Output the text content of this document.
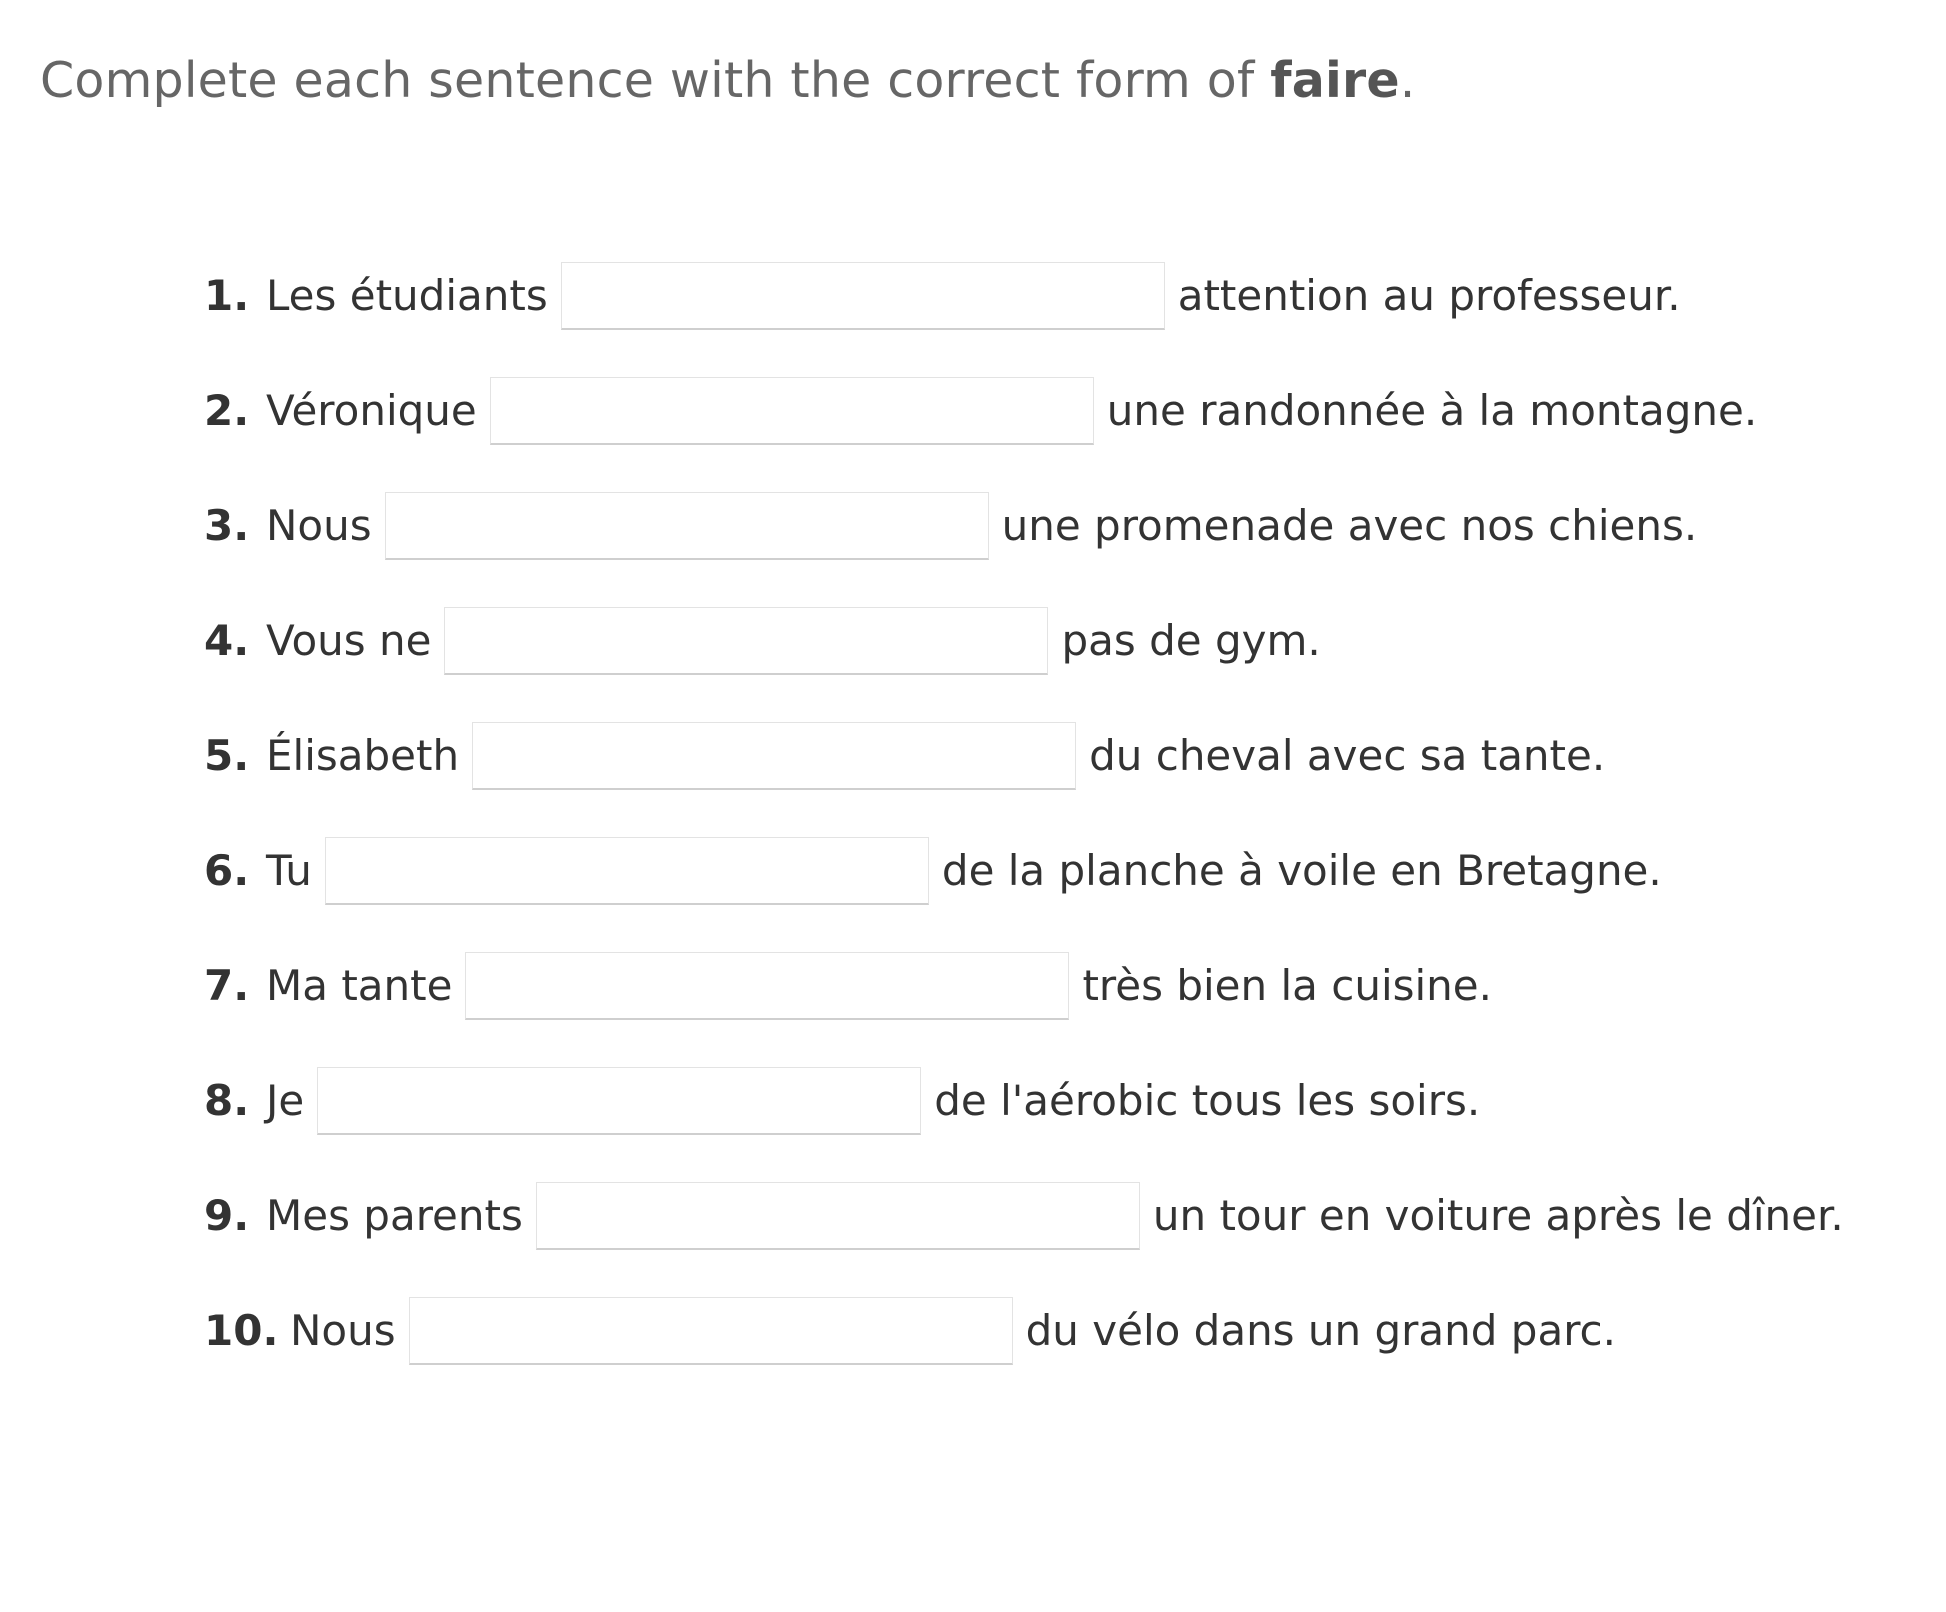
Complete each sentence with the correct form of faire.
1. Les étudiants	attention au professeur.
2. Véronique	une randonnée à la montagne.
3. Nous	une promenade avec nos chiens.
4. Vous ne	pas de gym.
5. Élisabeth	du cheval avec sa tante.
6. Tu	de la planche à voile en Bretagne.
7. Ma tante	très bien la cuisine.
8. Je	de l'aérobic tous les soirs.
9. Mes parents	un tour en voiture après le dîner.
10. Nous	du vélo dans un grand parc.
